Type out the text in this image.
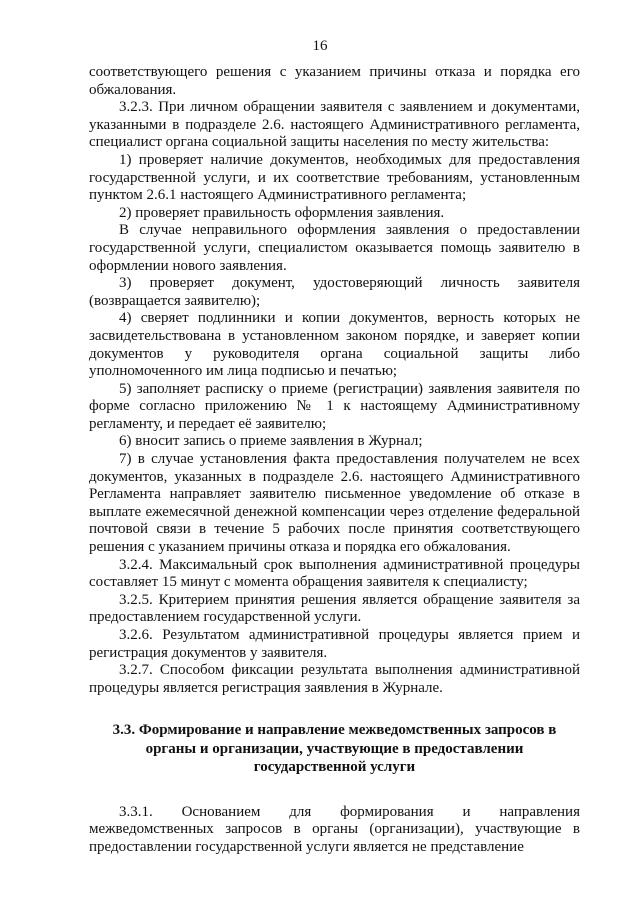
16

соответствующего решения с указанием причины отказа и порядка его обжалования.

3.2.3. При личном обращении заявителя с заявлением и документами, указанными в подразделе 2.6. настоящего Административного регламента, специалист органа социальной защиты населения по месту жительства:

1) проверяет наличие документов, необходимых для предоставления государственной услуги, и их соответствие требованиям, установленным пунктом 2.6.1 настоящего Административного регламента;

2) проверяет правильность оформления заявления.

В случае неправильного оформления заявления о предоставлении государственной услуги, специалистом оказывается помощь заявителю в оформлении нового заявления.

3) проверяет документ, удостоверяющий личность заявителя (возвращается заявителю);

4) сверяет подлинники и копии документов, верность которых не засвидетельствована в установленном законом порядке, и заверяет копии документов у руководителя органа социальной защиты либо уполномоченного им лица подписью и печатью;

5) заполняет расписку о приеме (регистрации) заявления заявителя по форме согласно приложению № 1 к настоящему Административному регламенту, и передает её заявителю;

6) вносит запись о приеме заявления в Журнал;

7) в случае установления факта предоставления получателем не всех документов, указанных в подразделе 2.6. настоящего Административного Регламента направляет заявителю письменное уведомление об отказе в выплате ежемесячной денежной компенсации через отделение федеральной почтовой связи в течение 5 рабочих после принятия соответствующего решения с указанием причины отказа и порядка его обжалования.

3.2.4. Максимальный срок выполнения административной процедуры составляет 15 минут с момента обращения заявителя к специалисту;

3.2.5. Критерием принятия решения является обращение заявителя за предоставлением государственной услуги.

3.2.6. Результатом административной процедуры является прием и регистрация документов у заявителя.

3.2.7. Способом фиксации результата выполнения административной процедуры является регистрация заявления в Журнале.

3.3. Формирование и направление межведомственных запросов в органы и организации, участвующие в предоставлении государственной услуги

3.3.1. Основанием для формирования и направления межведомственных запросов в органы (организации), участвующие в предоставлении государственной услуги является не представление
